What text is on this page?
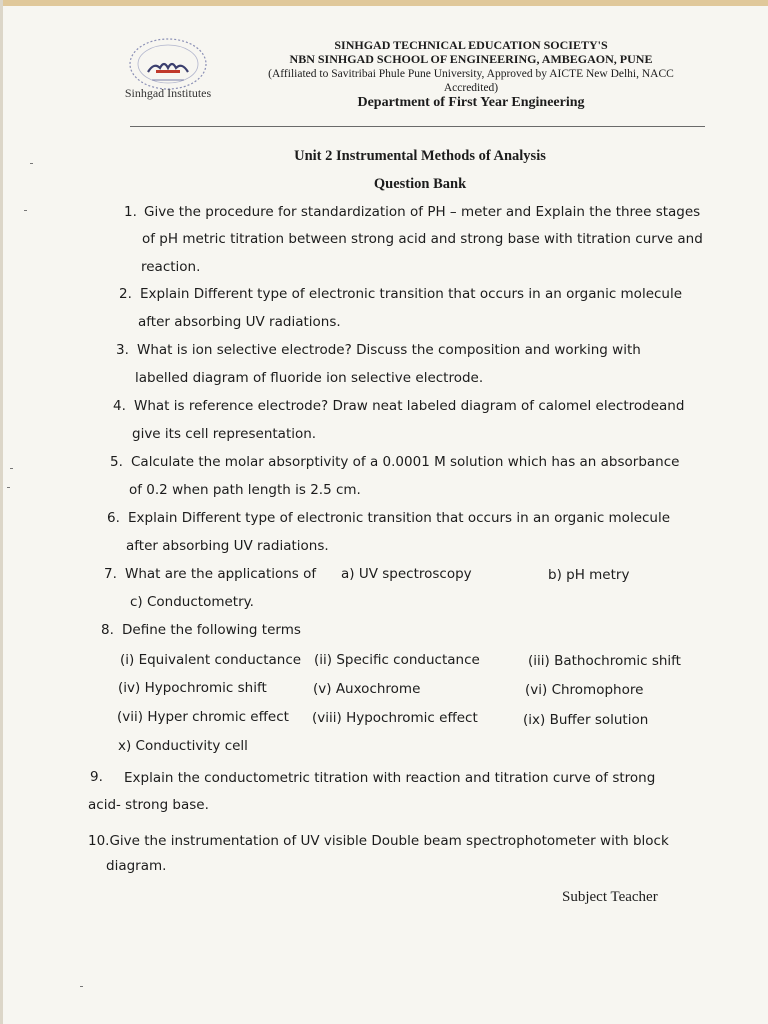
Sinhgad Institutes
SINHGAD TECHNICAL EDUCATION SOCIETY'S
NBN SINHGAD SCHOOL OF ENGINEERING, AMBEGAON, PUNE
(Affiliated to Savitribai Phule Pune University, Approved by AICTE New Delhi, NACC
Accredited)
Department of First Year Engineering
Unit 2 Instrumental Methods of Analysis
Question Bank
1. Give the procedure for standardization of PH – meter and Explain the three stages
of pH metric titration between strong acid and strong base with titration curve and
reaction.
2. Explain Different type of electronic transition that occurs in an organic molecule
after absorbing UV radiations.
3. What is ion selective electrode? Discuss the composition and working with
labelled diagram of fluoride ion selective electrode.
4. What is reference electrode? Draw neat labeled diagram of calomel electrodeand
give its cell representation.
5. Calculate the molar absorptivity of a 0.0001 M solution which has an absorbance
of 0.2 when path length is 2.5 cm.
6. Explain Different type of electronic transition that occurs in an organic molecule
after absorbing UV radiations.
7. What are the applications of a) UV spectroscopy	b) pH metry
c) Conductometry.
8. Define the following terms
(i) Equivalent conductance (ii) Specific conductance	(iii) Bathochromic shift
(iv) Hypochromic shift	(v) Auxochrome	(vi) Chromophore
(vii) Hyper chromic effect (viii) Hypochromic effect	(ix) Buffer solution
x) Conductivity cell
9. Explain the conductometric titration with reaction and titration curve of strong
acid- strong base.
10.Give the instrumentation of UV visible Double beam spectrophotometer with block
diagram.
Subject Teacher
